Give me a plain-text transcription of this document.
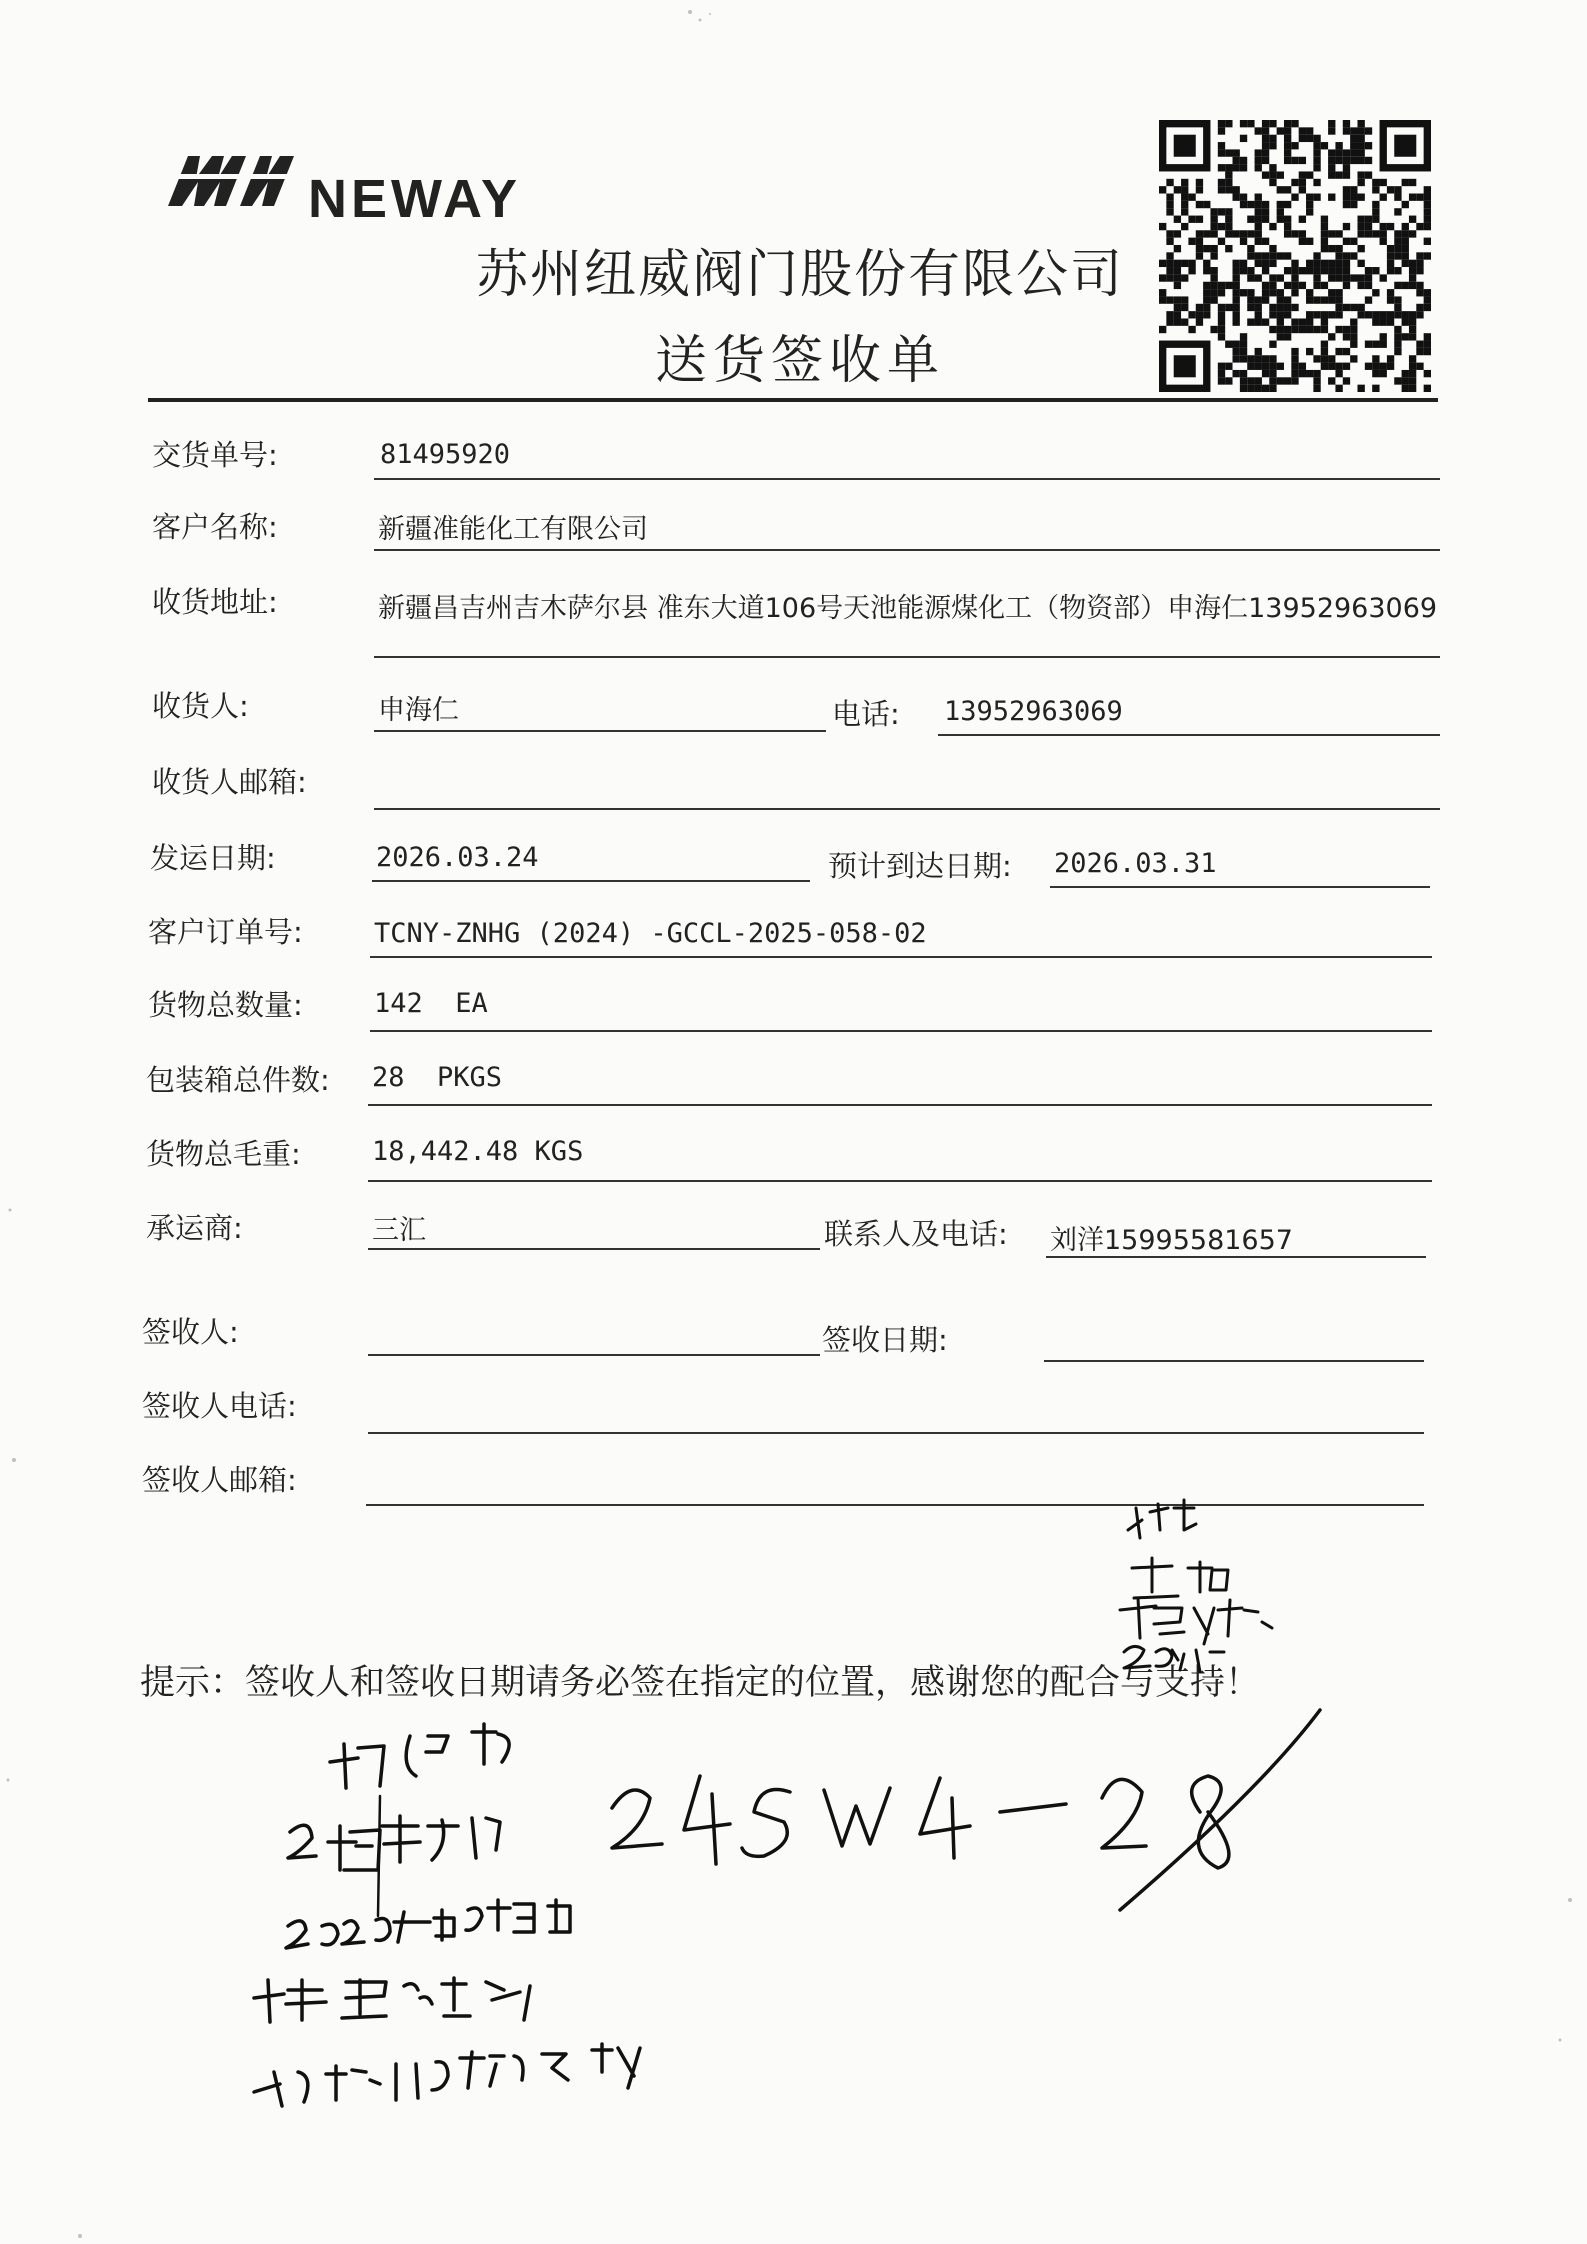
NEWAY
苏州纽威阀门股份有限公司
送货签收单
交货单号:	81495920
客户名称:	新疆准能化工有限公司
收货地址:	新疆昌吉州吉木萨尔县 准东大道106号天池能源煤化工（物资部）申海仁13952963069
收货人:	申海仁	电话: 13952963069
收货人邮箱:
发运日期:	2026.03.24	预计到达日期: 2026.03.31
客户订单号:	TCNY-ZNHG (2024) -GCCL-2025-058-02
货物总数量:	142  EA
包装箱总件数: 28  PKGS
货物总毛重:	18,442.48 KGS
承运商:	三汇	联系人及电话: 刘洋15995581657
签收人:	签收日期:
签收人电话:
签收人邮箱:
提示：签收人和签收日期请务必签在指定的位置，感谢您的配合与支持！
